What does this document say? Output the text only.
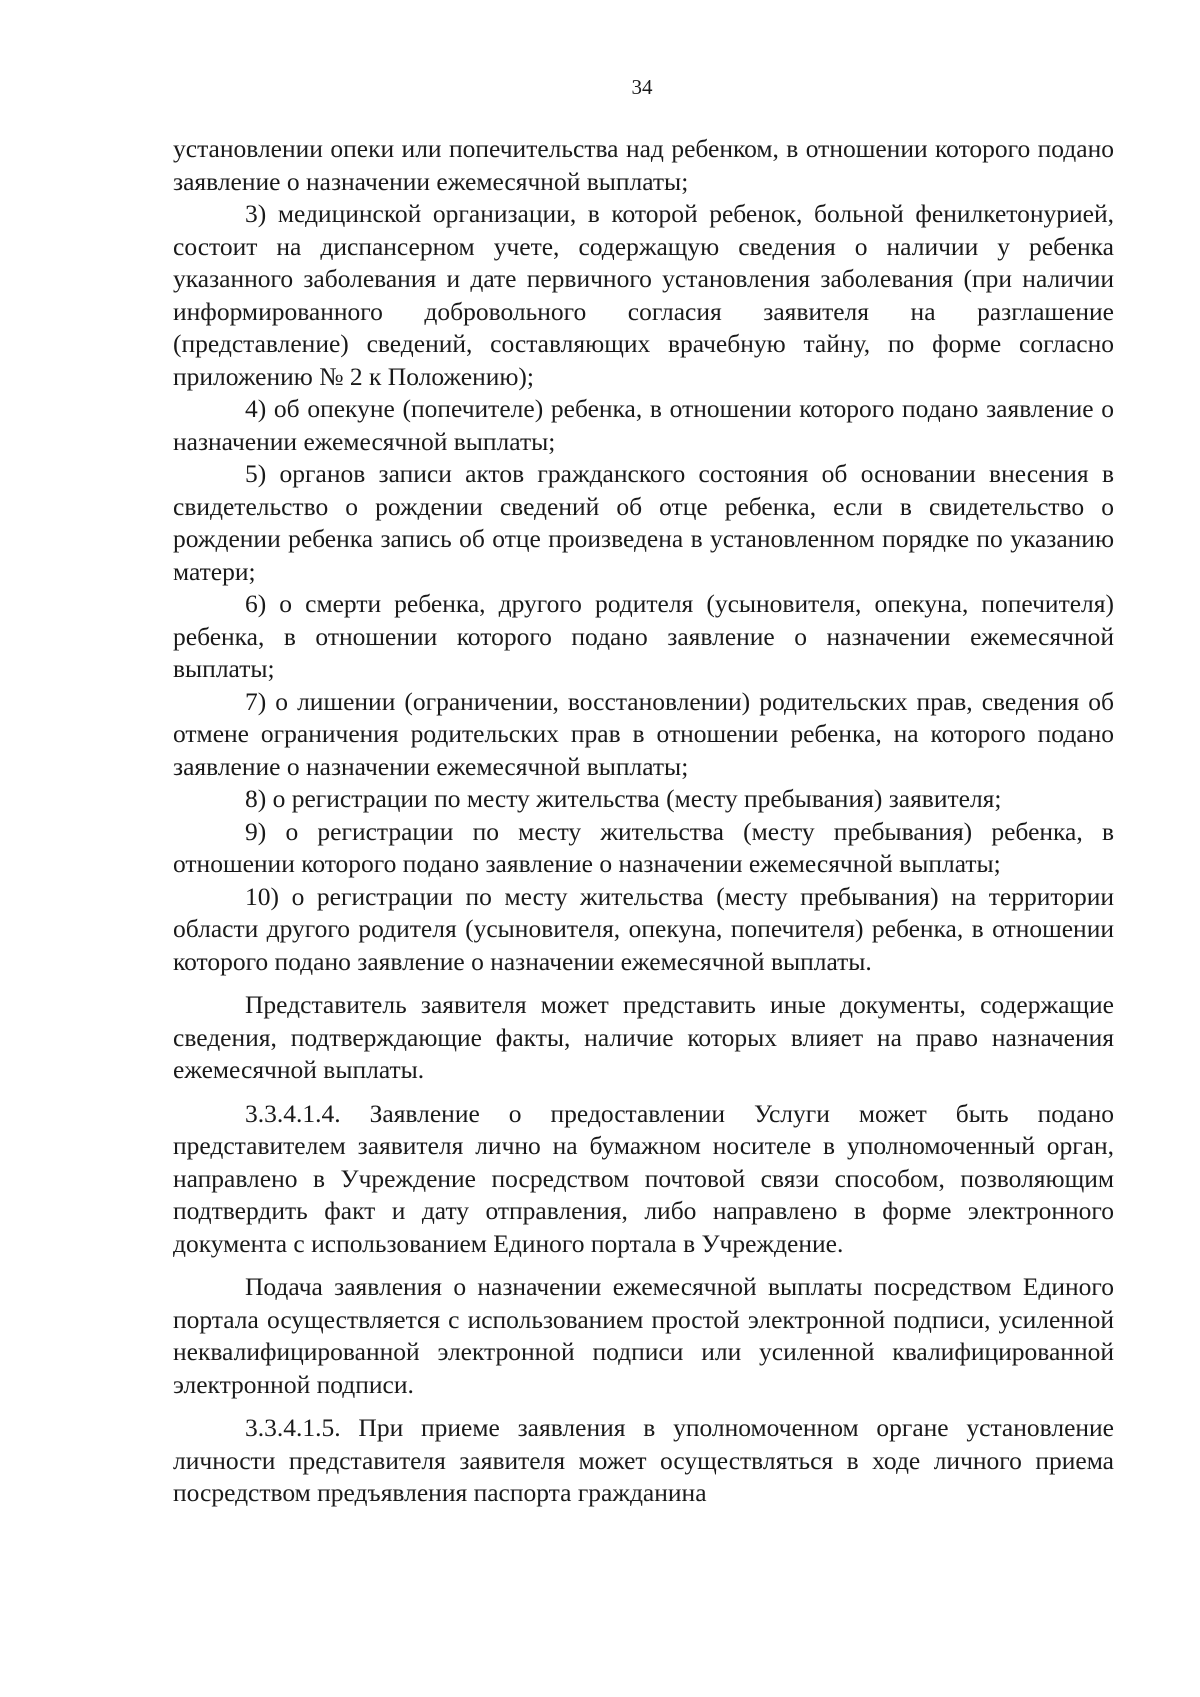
34

установлении опеки или попечительства над ребенком, в отношении которого подано заявление о назначении ежемесячной выплаты;

3) медицинской организации, в которой ребенок, больной фенилкетонурией, состоит на диспансерном учете, содержащую сведения о наличии у ребенка указанного заболевания и дате первичного установления заболевания (при наличии информированного добровольного согласия заявителя на разглашение (представление) сведений, составляющих врачебную тайну, по форме согласно приложению № 2 к Положению);

4) об опекуне (попечителе) ребенка, в отношении которого подано заявление о назначении ежемесячной выплаты;

5) органов записи актов гражданского состояния об основании внесения в свидетельство о рождении сведений об отце ребенка, если в свидетельство о рождении ребенка запись об отце произведена в установленном порядке по указанию матери;

6) о смерти ребенка, другого родителя (усыновителя, опекуна, попечителя) ребенка, в отношении которого подано заявление о назначении ежемесячной выплаты;

7) о лишении (ограничении, восстановлении) родительских прав, сведения об отмене ограничения родительских прав в отношении ребенка, на которого подано заявление о назначении ежемесячной выплаты;

8) о регистрации по месту жительства (месту пребывания) заявителя;

9) о регистрации по месту жительства (месту пребывания) ребенка, в отношении которого подано заявление о назначении ежемесячной выплаты;

10) о регистрации по месту жительства (месту пребывания) на территории области другого родителя (усыновителя, опекуна, попечителя) ребенка, в отношении которого подано заявление о назначении ежемесячной выплаты.

Представитель заявителя может представить иные документы, содержащие сведения, подтверждающие факты, наличие которых влияет на право назначения ежемесячной выплаты.

3.3.4.1.4. Заявление о предоставлении Услуги может быть подано представителем заявителя лично на бумажном носителе в уполномоченный орган, направлено в Учреждение посредством почтовой связи способом, позволяющим подтвердить факт и дату отправления, либо направлено в форме электронного документа с использованием Единого портала в Учреждение.

Подача заявления о назначении ежемесячной выплаты посредством Единого портала осуществляется с использованием простой электронной подписи, усиленной неквалифицированной электронной подписи или усиленной квалифицированной электронной подписи.

3.3.4.1.5. При приеме заявления в уполномоченном органе установление личности представителя заявителя может осуществляться в ходе личного приема посредством предъявления паспорта гражданина
